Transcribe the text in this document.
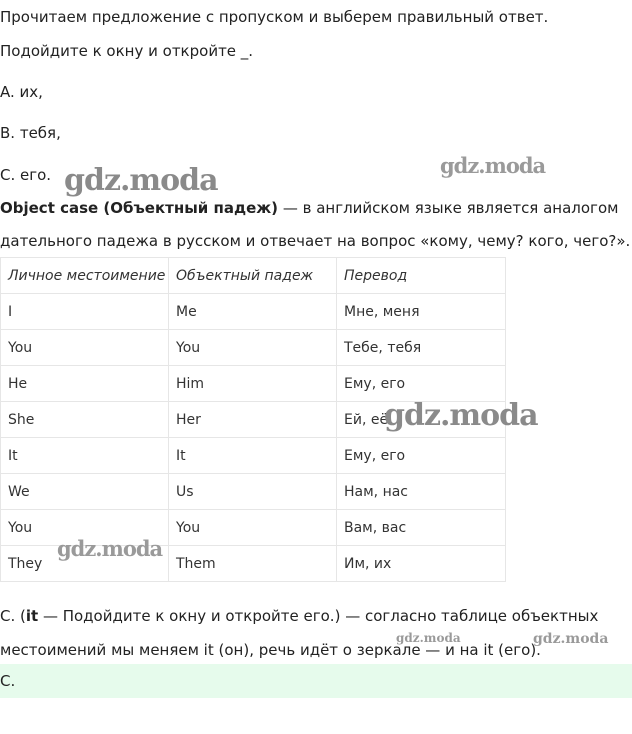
Прочитаем предложение с пропуском и выберем правильный ответ.
Подойдите к окну и откройте _.
A. их,
B. тебя,
C. его.
Object case (Объектный падеж) — в английском языке является аналогом
дательного падежа в русском и отвечает на вопрос «кому, чему? кого, чего?».
Личное местоимение	Объектный падеж	Перевод
I	Me	Мне, меня
You	You	Тебе, тебя
He	Him	Ему, его
She	Her	Ей, её
It	It	Ему, его
We	Us	Нам, нас
You	You	Вам, вас
They	Them	Им, их
C. (it — Подойдите к окну и откройте его.) — согласно таблице объектных
местоимений мы меняем it (он), речь идёт о зеркале — и на it (его).
C.
gdz.moda	gdz.moda
gdz.moda
gdz.moda
gdz.moda	gdz.moda
